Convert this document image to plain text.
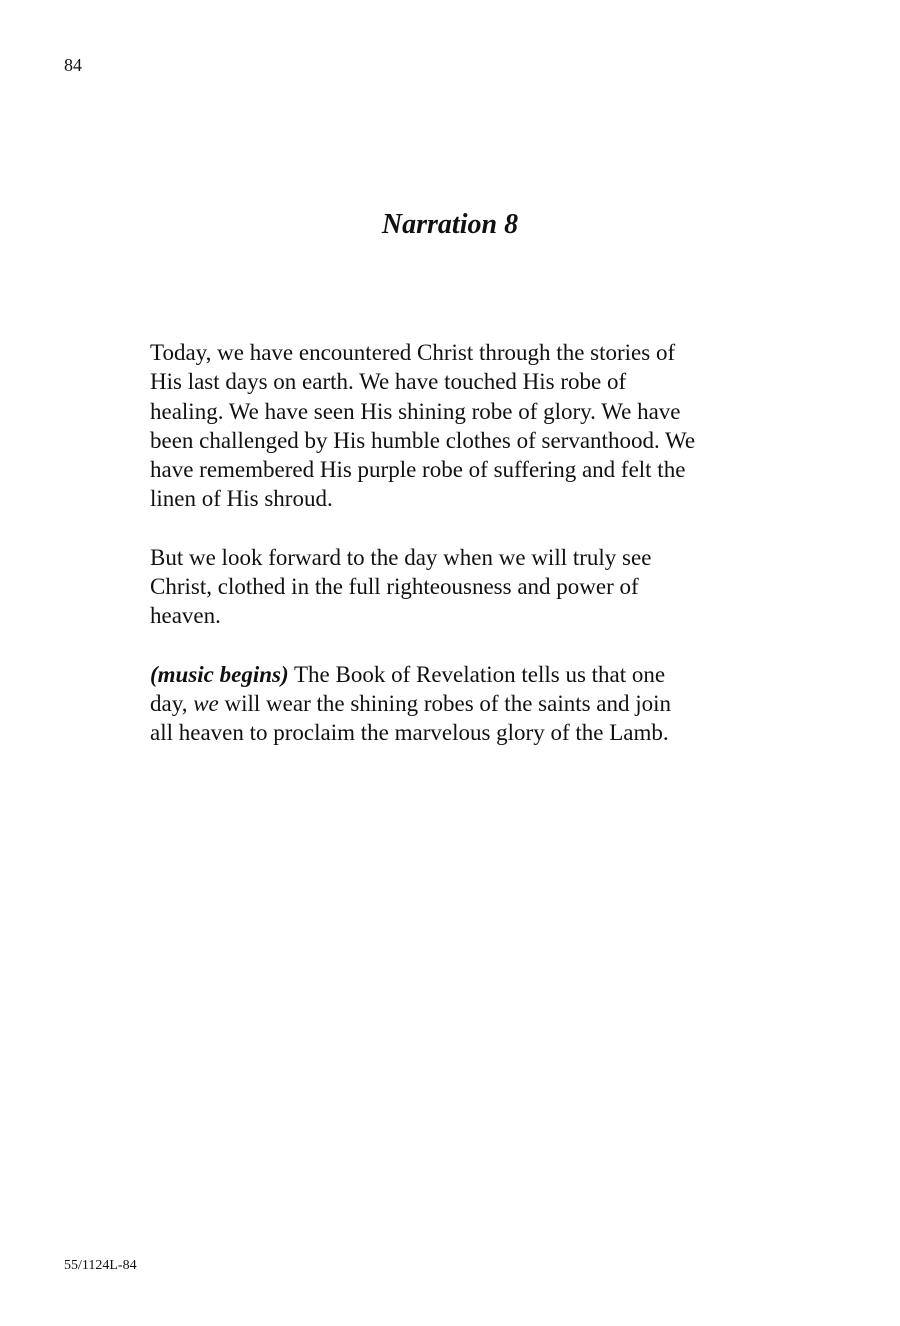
84
Narration 8

Today, we have encountered Christ through the stories of
His last days on earth. We have touched His robe of
healing. We have seen His shining robe of glory. We have
been challenged by His humble clothes of servanthood. We
have remembered His purple robe of suffering and felt the
linen of His shroud.

But we look forward to the day when we will truly see
Christ, clothed in the full righteousness and power of
heaven.

(music begins) The Book of Revelation tells us that one
day, we will wear the shining robes of the saints and join
all heaven to proclaim the marvelous glory of the Lamb.

55/1124L-84
